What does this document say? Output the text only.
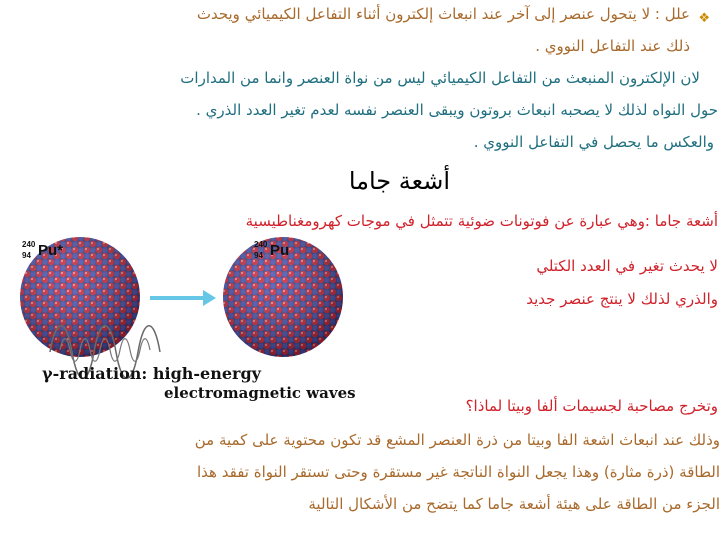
❖

علل : لا يتحول عنصر إلى آخر عند انبعاث إلكترون أثناء التفاعل الكيميائي ويحدث

ذلك عند التفاعل النووي .

لان الإلكترون المنبعث من التفاعل الكيميائي ليس من نواة العنصر وانما من المدارات

حول النواه لذلك لا يصحبه انبعاث بروتون ويبقى العنصر نفسه لعدم تغير العدد الذري .

والعكس ما يحصل في التفاعل النووي .

أشعة جاما

أشعة جاما :وهي عبارة عن فوتونات ضوئية تتمثل في موجات كهرومغناطيسية

لا يحدث تغير في العدد الكتلي

والذري لذلك لا ينتج عنصر جديد

240
94 Pu*	240
94 Pu
γ-radiation: high-energy
electromagnetic waves

وتخرج مصاحبة لجسيمات ألفا وبيتا لماذا؟

وذلك عند انبعاث اشعة الفا وبيتا من ذرة العنصر المشع قد تكون محتوية على كمية من

الطاقة (ذرة مثارة) وهذا يجعل النواة الناتجة غير مستقرة وحتى تستقر النواة تفقد هذا

الجزء من الطاقة على هيئة أشعة جاما كما يتضح من الأشكال التالية
